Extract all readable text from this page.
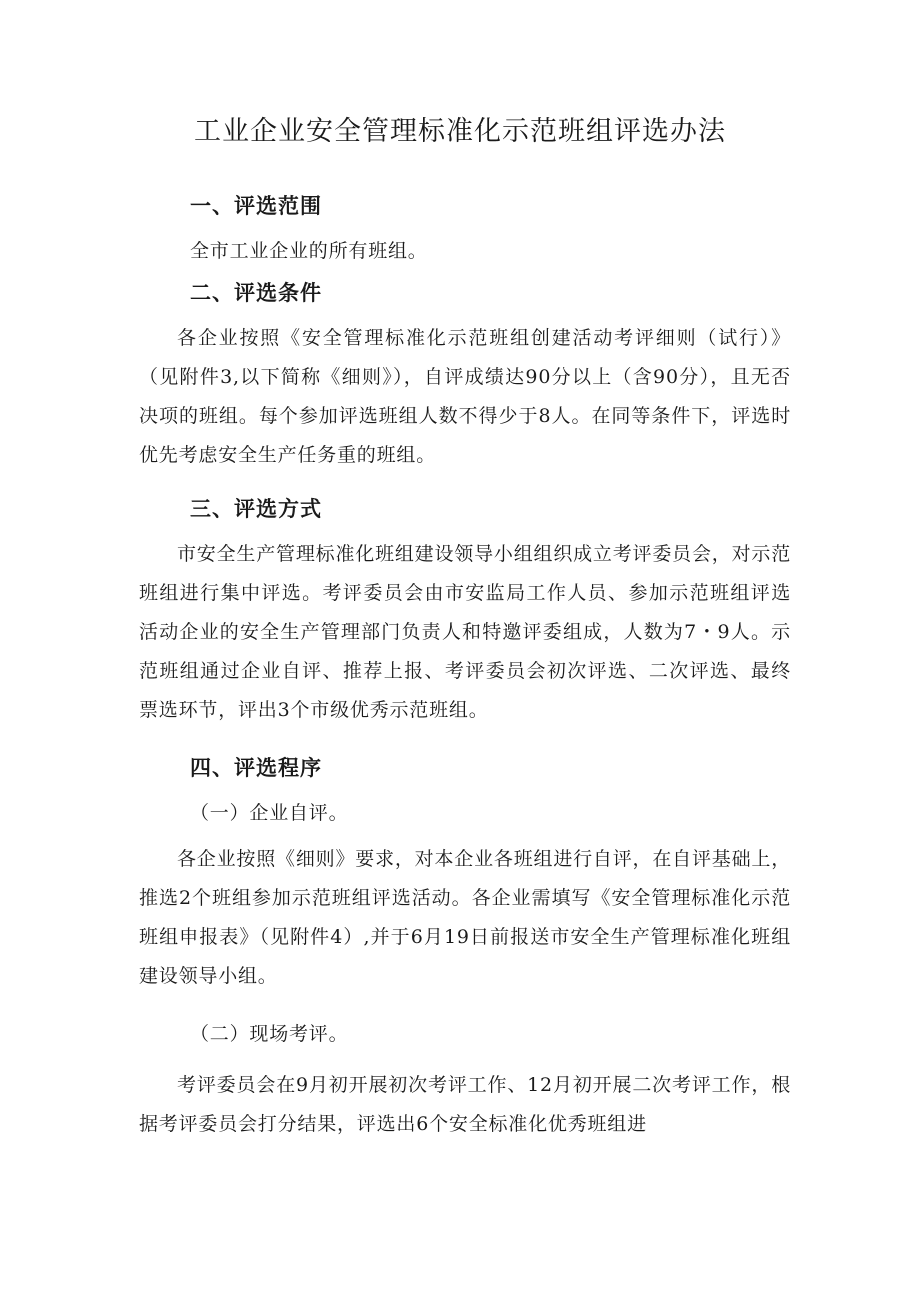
工业企业安全管理标准化示范班组评选办法
一、评选范围

全市工业企业的所有班组。

二、评选条件

各企业按照《安全管理标准化示范班组创建活动考评细则（试行）》（见附件3,以下简称《细则》），自评成绩达90分以上（含90分），且无否决项的班组。每个参加评选班组人数不得少于8人。在同等条件下，评选时优先考虑安全生产任务重的班组。

三、评选方式

市安全生产管理标准化班组建设领导小组组织成立考评委员会，对示范班组进行集中评选。考评委员会由市安监局工作人员、参加示范班组评选活动企业的安全生产管理部门负责人和特邀评委组成，人数为7・9人。示范班组通过企业自评、推荐上报、考评委员会初次评选、二次评选、最终票选环节，评出3个市级优秀示范班组。

四、评选程序

（一）企业自评。

各企业按照《细则》要求，对本企业各班组进行自评，在自评基础上，推选2个班组参加示范班组评选活动。各企业需填写《安全管理标准化示范班组申报表》（见附件4）,并于6月19日前报送市安全生产管理标准化班组建设领导小组。

（二）现场考评。

考评委员会在9月初开展初次考评工作、12月初开展二次考评工作，根据考评委员会打分结果，评选出6个安全标准化优秀班组进
